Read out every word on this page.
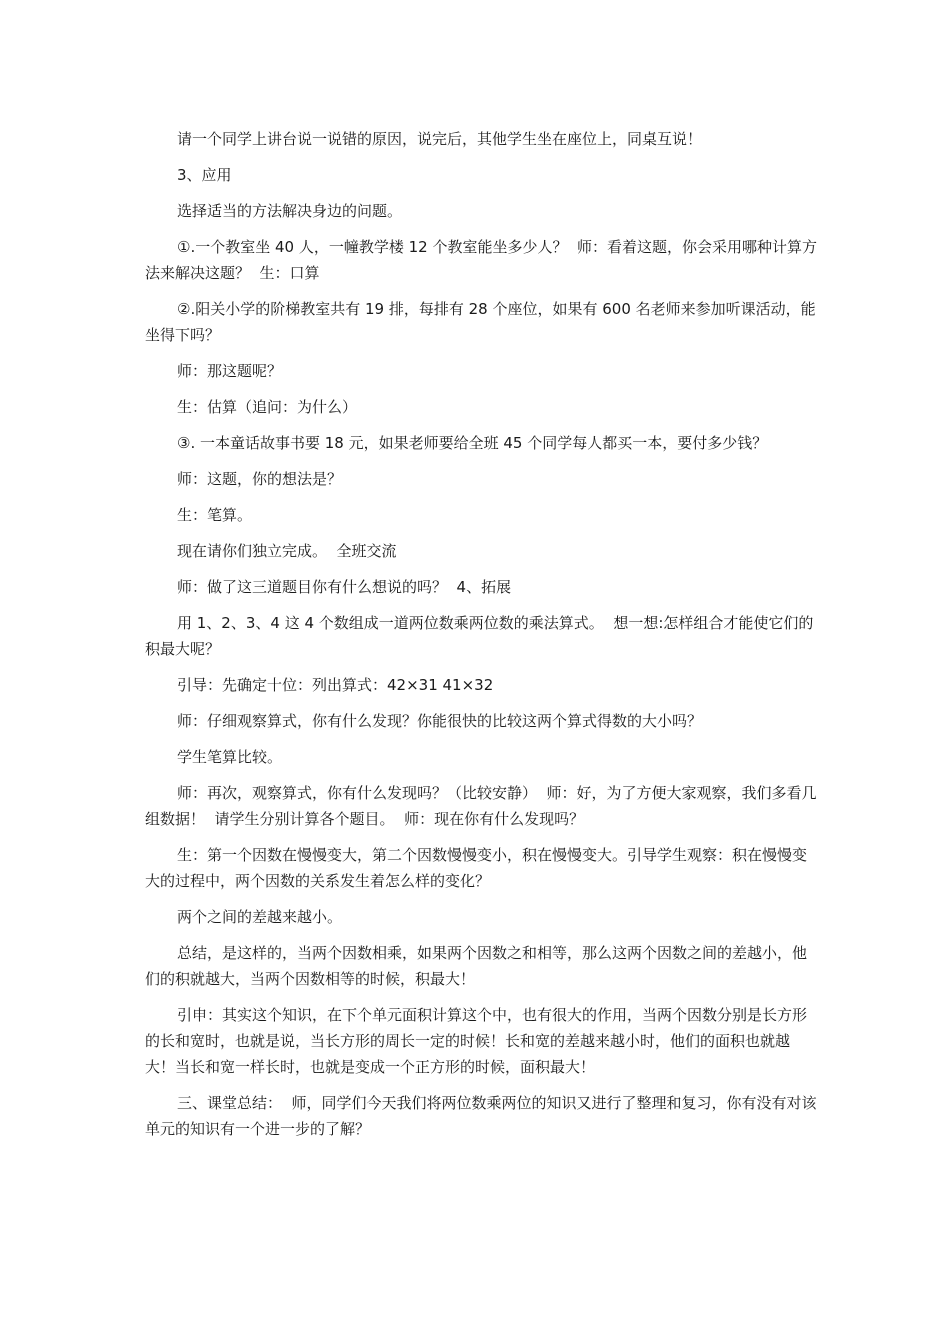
请一个同学上讲台说一说错的原因，说完后，其他学生坐在座位上，同桌互说！

3、应用

选择适当的方法解决身边的问题。

①.一个教室坐 40 人，一幢教学楼 12 个教室能坐多少人？  师：看着这题，你会采用哪种计算方法来解决这题？  生：口算

②.阳关小学的阶梯教室共有 19 排，每排有 28 个座位，如果有 600 名老师来参加听课活动，能坐得下吗？

师：那这题呢？

生：估算（追问：为什么）

③. 一本童话故事书要 18 元，如果老师要给全班 45 个同学每人都买一本，要付多少钱？

师：这题，你的想法是？

生：笔算。

现在请你们独立完成。  全班交流

师：做了这三道题目你有什么想说的吗？  4、拓展

用 1、2、3、4 这 4 个数组成一道两位数乘两位数的乘法算式。  想一想:怎样组合才能使它们的积最大呢？

引导：先确定十位：列出算式：42×31 41×32

师：仔细观察算式，你有什么发现？你能很快的比较这两个算式得数的大小吗？

学生笔算比较。

师：再次，观察算式，你有什么发现吗？（比较安静）  师：好，为了方便大家观察，我们多看几组数据！  请学生分别计算各个题目。  师：现在你有什么发现吗？

生：第一个因数在慢慢变大，第二个因数慢慢变小，积在慢慢变大。引导学生观察：积在慢慢变大的过程中，两个因数的关系发生着怎么样的变化？

两个之间的差越来越小。

总结，是这样的，当两个因数相乘，如果两个因数之和相等，那么这两个因数之间的差越小，他们的积就越大，当两个因数相等的时候，积最大！

引申：其实这个知识，在下个单元面积计算这个中，也有很大的作用，当两个因数分别是长方形的长和宽时，也就是说，当长方形的周长一定的时候！长和宽的差越来越小时，他们的面积也就越大！当长和宽一样长时，也就是变成一个正方形的时候，面积最大！

三、课堂总结：  师，同学们今天我们将两位数乘两位的知识又进行了整理和复习，你有没有对该单元的知识有一个进一步的了解？
